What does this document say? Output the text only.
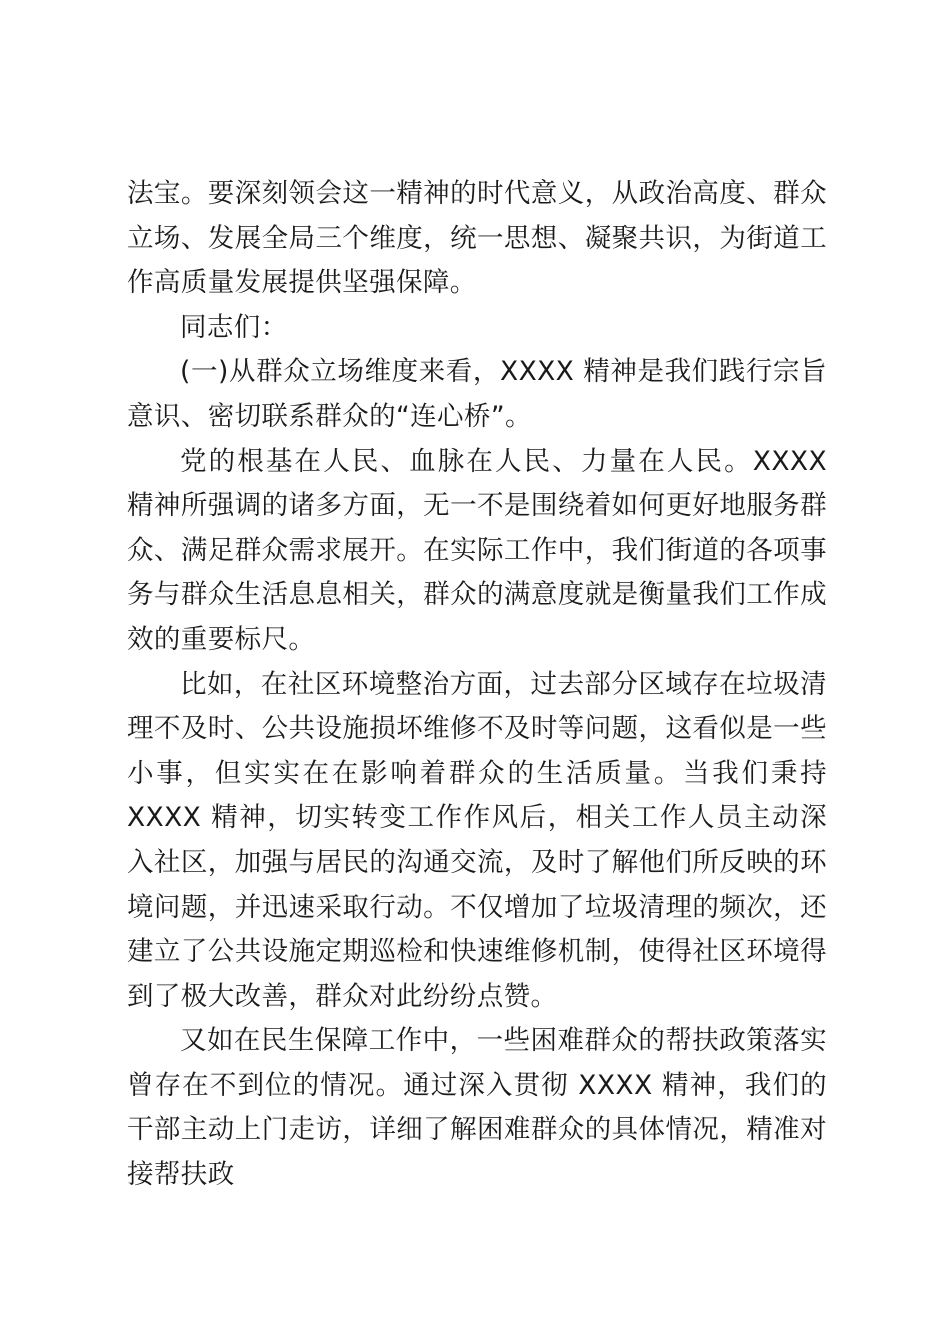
法宝。要深刻领会这一精神的时代意义，从政治高度、群众立场、发展全局三个维度，统一思想、凝聚共识，为街道工作高质量发展提供坚强保障。

同志们：

(一)从群众立场维度来看，XXXX 精神是我们践行宗旨意识、密切联系群众的“连心桥”。

党的根基在人民、血脉在人民、力量在人民。XXXX 精神所强调的诸多方面，无一不是围绕着如何更好地服务群众、满足群众需求展开。在实际工作中，我们街道的各项事务与群众生活息息相关，群众的满意度就是衡量我们工作成效的重要标尺。

比如，在社区环境整治方面，过去部分区域存在垃圾清理不及时、公共设施损坏维修不及时等问题，这看似是一些小事，但实实在在影响着群众的生活质量。当我们秉持 XXXX 精神，切实转变工作作风后，相关工作人员主动深入社区，加强与居民的沟通交流，及时了解他们所反映的环境问题，并迅速采取行动。不仅增加了垃圾清理的频次，还建立了公共设施定期巡检和快速维修机制，使得社区环境得到了极大改善，群众对此纷纷点赞。

又如在民生保障工作中，一些困难群众的帮扶政策落实曾存在不到位的情况。通过深入贯彻 XXXX 精神，我们的干部主动上门走访，详细了解困难群众的具体情况，精准对接帮扶政
